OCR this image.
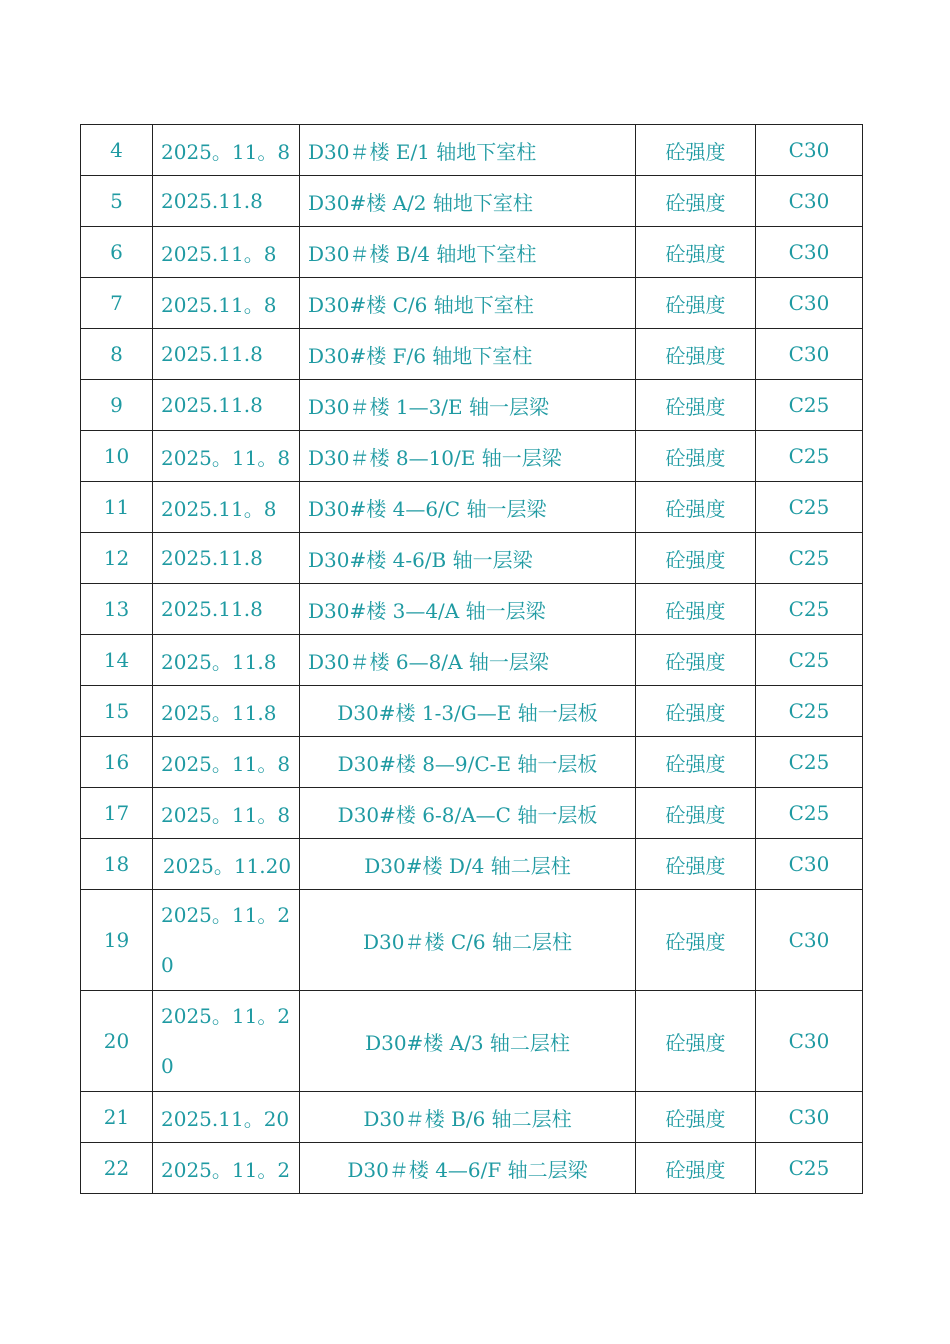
4	2025。11。8	D30＃楼 E/1 轴地下室柱	砼强度	C30
5	2025.11.8	D30#楼 A/2 轴地下室柱	砼强度	C30
6	2025.11。8	D30＃楼 B/4 轴地下室柱	砼强度	C30
7	2025.11。8	D30#楼 C/6 轴地下室柱	砼强度	C30
8	2025.11.8	D30#楼 F/6 轴地下室柱	砼强度	C30
9	2025.11.8	D30＃楼 1—3/E 轴一层梁	砼强度	C25
10	2025。11。8	D30＃楼 8—10/E 轴一层梁	砼强度	C25
11	2025.11。8	D30#楼 4—6/C 轴一层梁	砼强度	C25
12	2025.11.8	D30#楼 4-6/B 轴一层梁	砼强度	C25
13	2025.11.8	D30#楼 3—4/A 轴一层梁	砼强度	C25
14	2025。11.8	D30＃楼 6—8/A 轴一层梁	砼强度	C25
15	2025。11.8	D30#楼 1-3/G—E 轴一层板	砼强度	C25
16	2025。11。8	D30#楼 8—9/C-E 轴一层板	砼强度	C25
17	2025。11。8	D30#楼 6-8/A—C 轴一层板	砼强度	C25
18	2025。11.20	D30#楼 D/4 轴二层柱	砼强度	C30
19	2025。11。20	D30＃楼 C/6 轴二层柱	砼强度	C30
20	2025。11。20	D30#楼 A/3 轴二层柱	砼强度	C30
21	2025.11。20	D30＃楼 B/6 轴二层柱	砼强度	C30
22	2025。11。2	D30＃楼 4—6/F 轴二层梁	砼强度	C25
